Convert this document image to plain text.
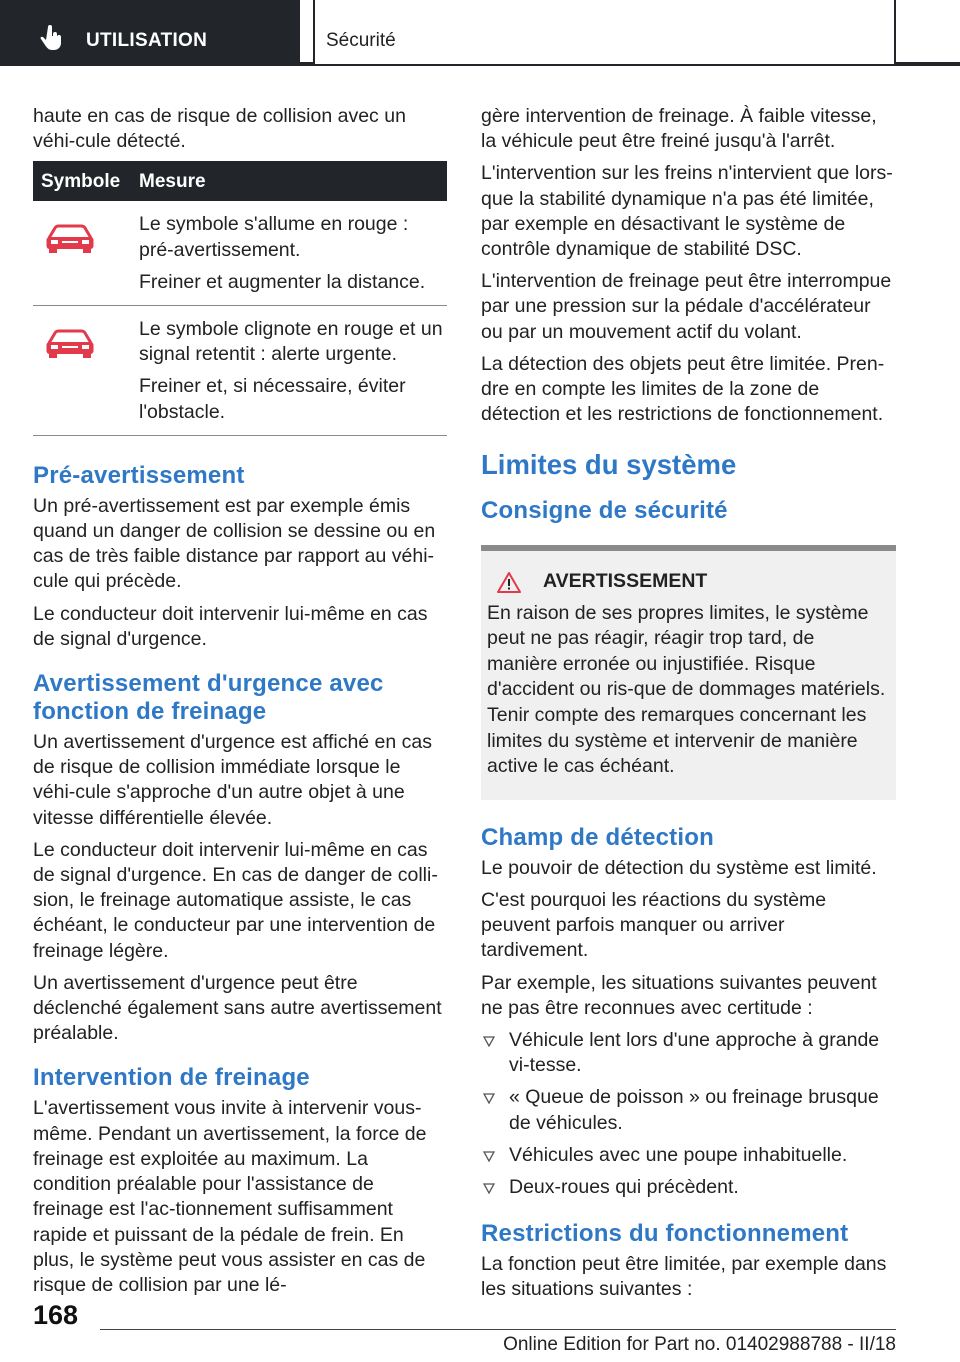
UTILISATION	Sécurité

haute en cas de risque de collision avec un véhi-cule détecté.

Symbole Mesure

Le symbole s'allume en rouge : pré-avertissement.

Freiner et augmenter la distance.

Le symbole clignote en rouge et un signal retentit : alerte urgente.

Freiner et, si nécessaire, éviter l'obstacle.

Pré-avertissement

Un pré-avertissement est par exemple émis quand un danger de collision se dessine ou en cas de très faible distance par rapport au véhi-cule qui précède.

Le conducteur doit intervenir lui-même en cas de signal d'urgence.

Avertissement d'urgence avec fonction de freinage

Un avertissement d'urgence est affiché en cas de risque de collision immédiate lorsque le véhi-cule s'approche d'un autre objet à une vitesse différentielle élevée.

Le conducteur doit intervenir lui-même en cas de signal d'urgence. En cas de danger de colli-sion, le freinage automatique assiste, le cas échéant, le conducteur par une intervention de freinage légère.

Un avertissement d'urgence peut être déclenché également sans autre avertissement préalable.

Intervention de freinage

L'avertissement vous invite à intervenir vous-même. Pendant un avertissement, la force de freinage est exploitée au maximum. La condition préalable pour l'assistance de freinage est l'ac-tionnement suffisamment rapide et puissant de la pédale de frein. En plus, le système peut vous assister en cas de risque de collision par une lé-

gère intervention de freinage. À faible vitesse, la véhicule peut être freiné jusqu'à l'arrêt.

L'intervention sur les freins n'intervient que lors-que la stabilité dynamique n'a pas été limitée, par exemple en désactivant le système de contrôle dynamique de stabilité DSC.

L'intervention de freinage peut être interrompue par une pression sur la pédale d'accélérateur ou par un mouvement actif du volant.

La détection des objets peut être limitée. Pren-dre en compte les limites de la zone de détection et les restrictions de fonctionnement.

Limites du système
Consigne de sécurité
AVERTISSEMENT
En raison de ses propres limites, le système peut ne pas réagir, réagir trop tard, de manière erronée ou injustifiée. Risque d'accident ou ris-que de dommages matériels. Tenir compte des remarques concernant les limites du système et intervenir de manière active le cas échéant.
Champ de détection

Le pouvoir de détection du système est limité.

C'est pourquoi les réactions du système peuvent parfois manquer ou arriver tardivement.

Par exemple, les situations suivantes peuvent ne pas être reconnues avec certitude :

Véhicule lent lors d'une approche à grande vi-tesse.
« Queue de poisson » ou freinage brusque de véhicules.
Véhicules avec une poupe inhabituelle.
Deux-roues qui précèdent.
Restrictions du fonctionnement

La fonction peut être limitée, par exemple dans les situations suivantes :

168
Online Edition for Part no. 01402988788 - II/18
